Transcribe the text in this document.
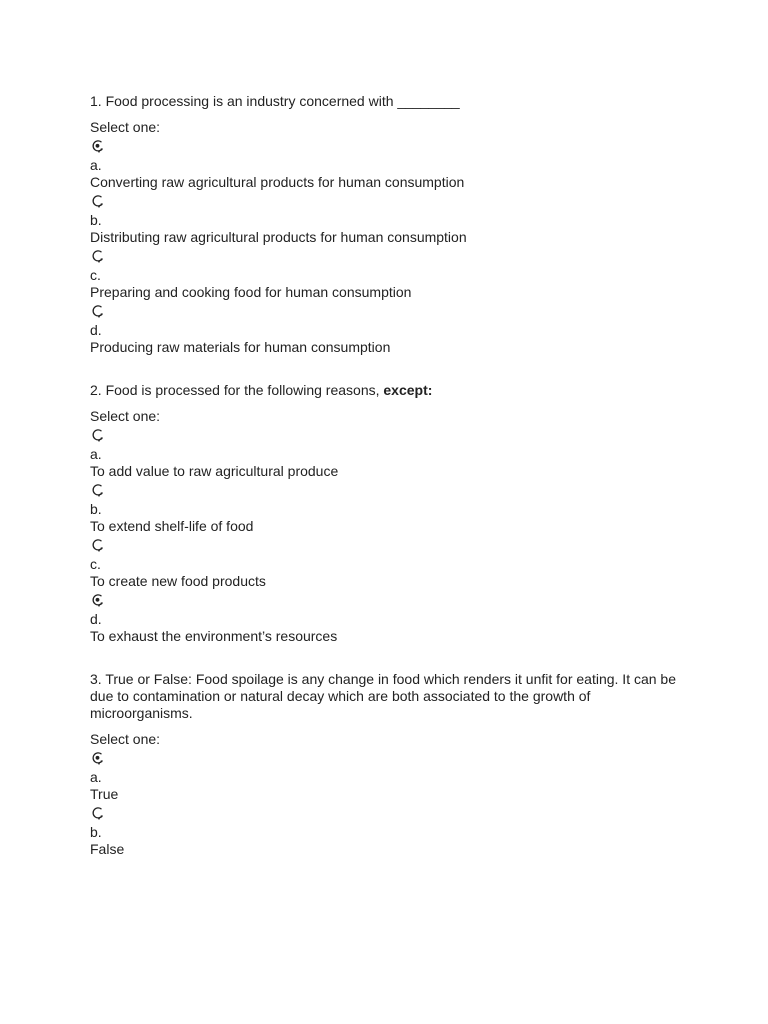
1. Food processing is an industry concerned with ________

Select one:

a.

Converting raw agricultural products for human consumption

b.

Distributing raw agricultural products for human consumption

c.

Preparing and cooking food for human consumption

d.

Producing raw materials for human consumption

2. Food is processed for the following reasons, except:

Select one:

a.

To add value to raw agricultural produce

b.

To extend shelf-life of food

c.

To create new food products

d.

To exhaust the environment’s resources

3. True or False: Food spoilage is any change in food which renders it unfit for eating. It can be due to contamination or natural decay which are both associated to the growth of microorganisms.

Select one:

a.

True

b.

False
